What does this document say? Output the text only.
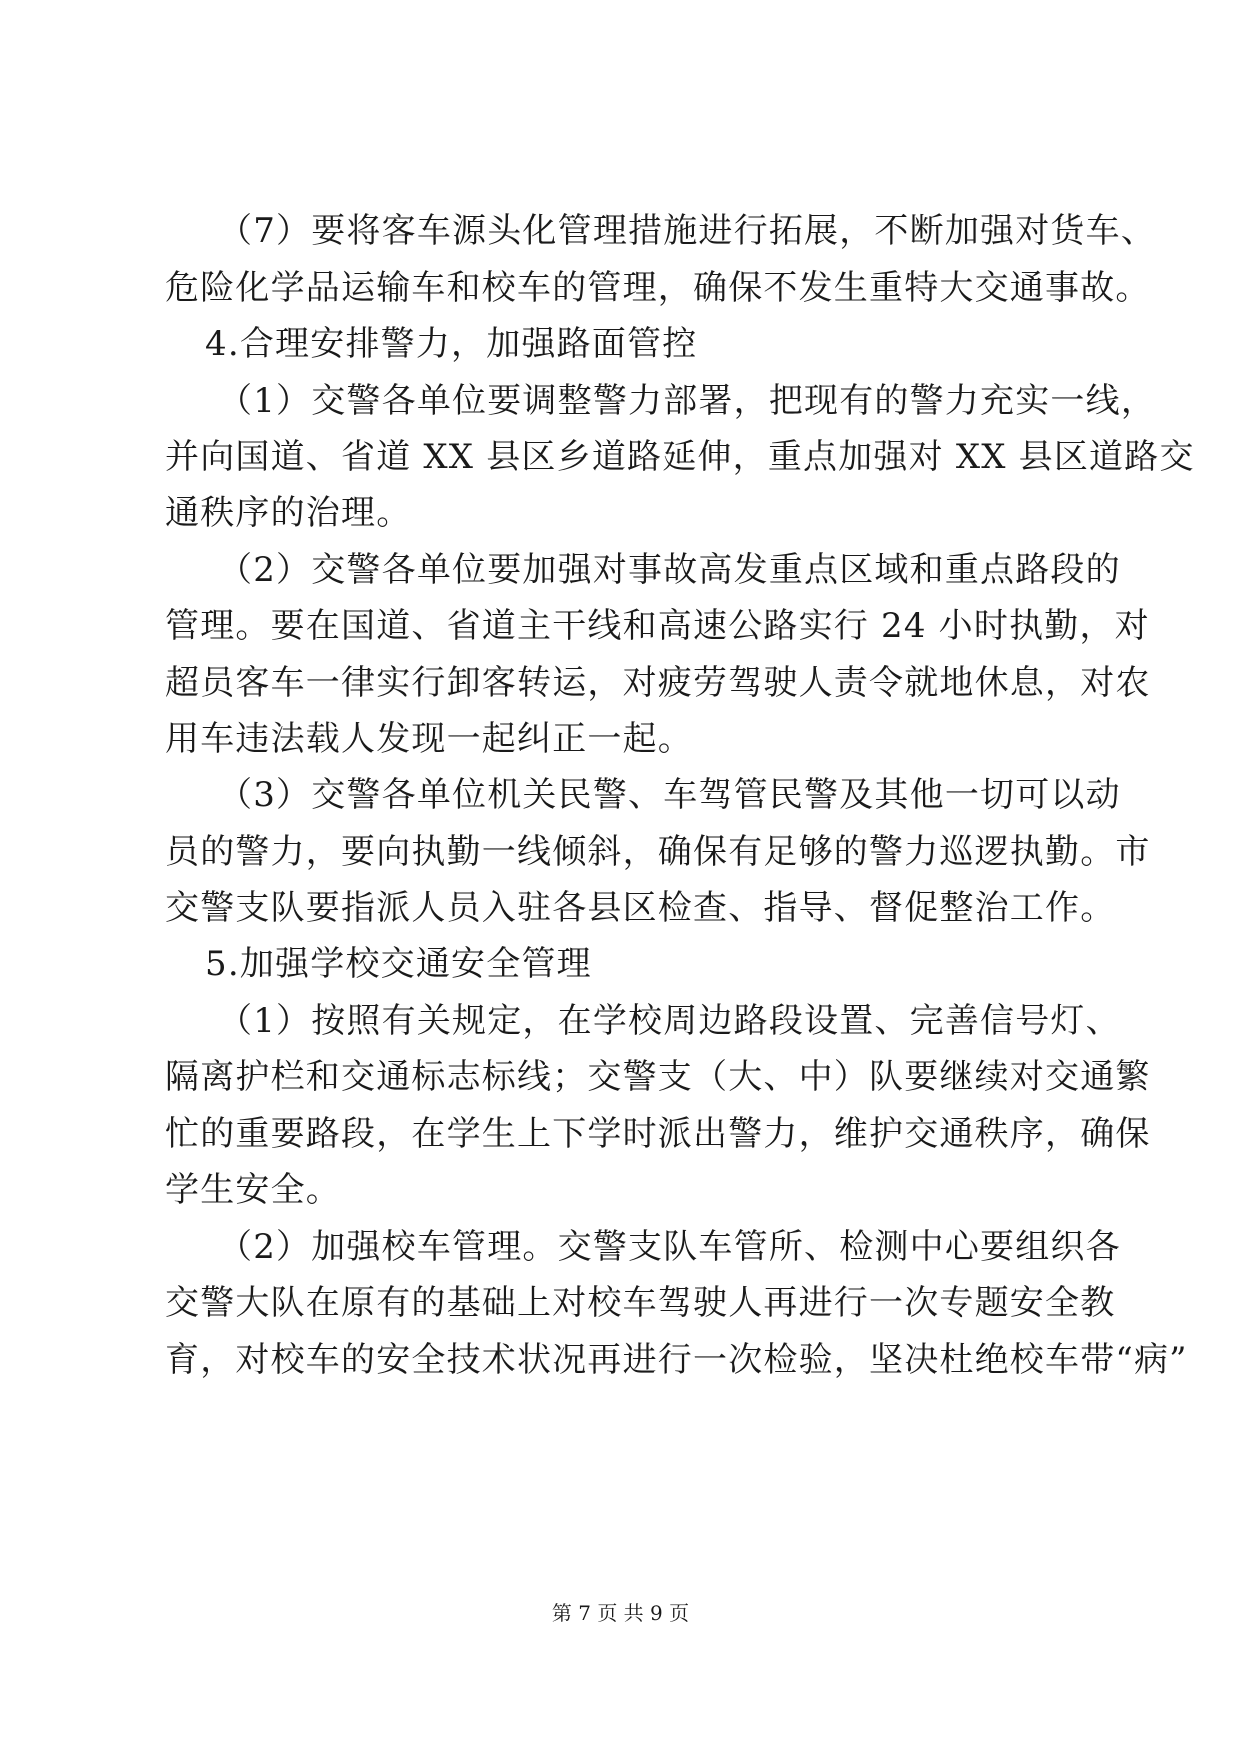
（7）要将客车源头化管理措施进行拓展，不断加强对货车、
危险化学品运输车和校车的管理，确保不发生重特大交通事故。
4.合理安排警力，加强路面管控
（1）交警各单位要调整警力部署，把现有的警力充实一线，
并向国道、省道 XX 县区乡道路延伸，重点加强对 XX 县区道路交
通秩序的治理。
（2）交警各单位要加强对事故高发重点区域和重点路段的
管理。要在国道、省道主干线和高速公路实行 24 小时执勤，对
超员客车一律实行卸客转运，对疲劳驾驶人责令就地休息，对农
用车违法载人发现一起纠正一起。
（3）交警各单位机关民警、车驾管民警及其他一切可以动
员的警力，要向执勤一线倾斜，确保有足够的警力巡逻执勤。市
交警支队要指派人员入驻各县区检查、指导、督促整治工作。
5.加强学校交通安全管理
（1）按照有关规定，在学校周边路段设置、完善信号灯、
隔离护栏和交通标志标线；交警支（大、中）队要继续对交通繁
忙的重要路段，在学生上下学时派出警力，维护交通秩序，确保
学生安全。
（2）加强校车管理。交警支队车管所、检测中心要组织各
交警大队在原有的基础上对校车驾驶人再进行一次专题安全教
育，对校车的安全技术状况再进行一次检验，坚决杜绝校车带“病”
第 7 页 共 9 页
